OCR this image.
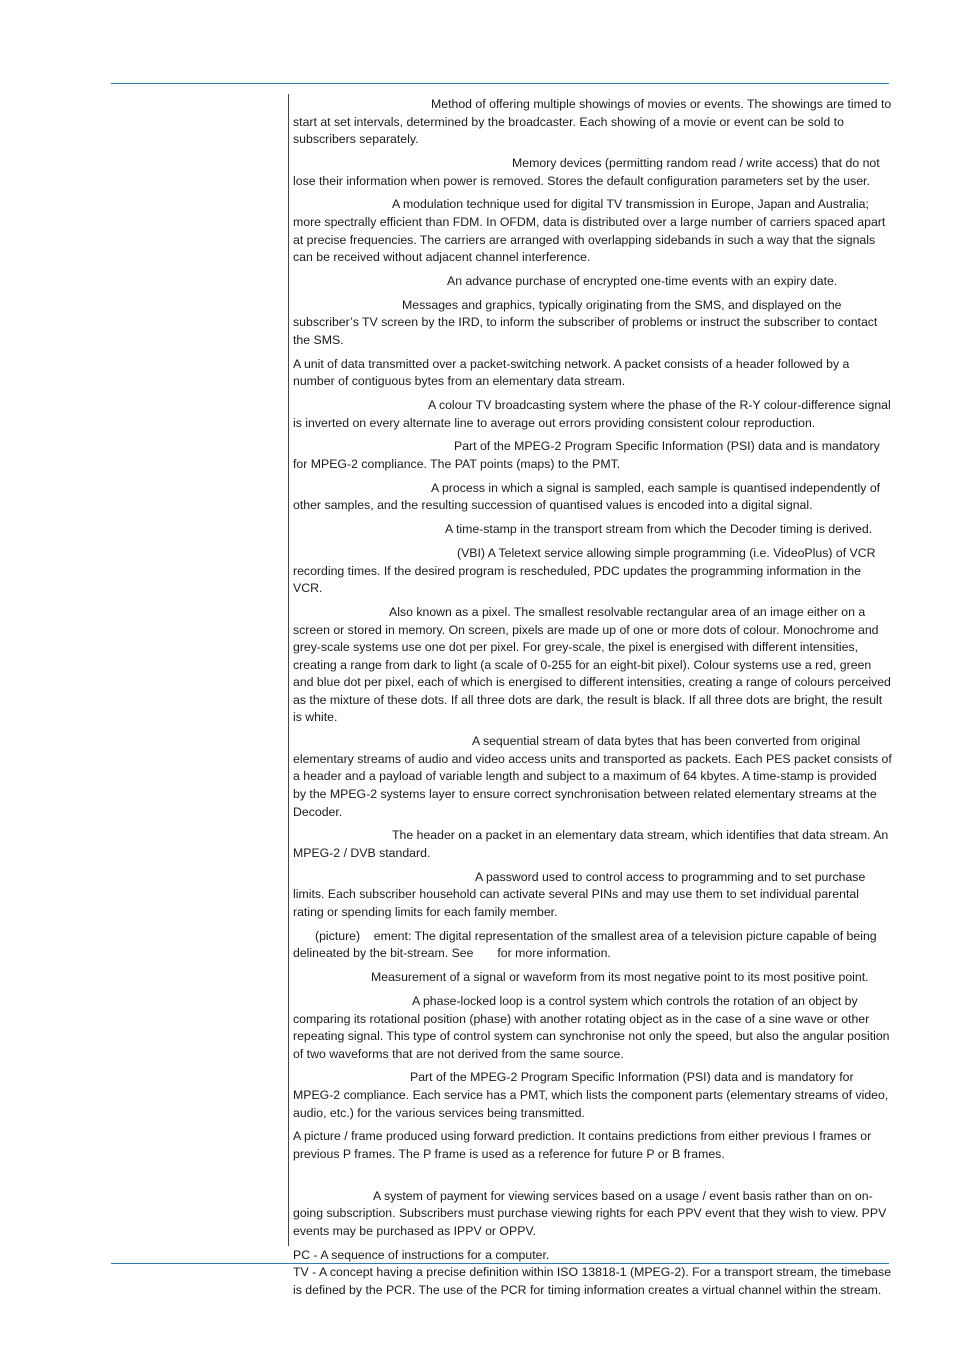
Method of offering multiple showings of movies or events. The showings are timed to start at set intervals, determined by the broadcaster. Each showing of a movie or event can be sold to subscribers separately.

Memory devices (permitting random read / write access) that do not lose their information when power is removed. Stores the default configuration parameters set by the user.

A modulation technique used for digital TV transmission in Europe, Japan and Australia; more spectrally efficient than FDM. In OFDM, data is distributed over a large number of carriers spaced apart at precise frequencies. The carriers are arranged with overlapping sidebands in such a way that the signals can be received without adjacent channel interference.

An advance purchase of encrypted one-time events with an expiry date.

Messages and graphics, typically originating from the SMS, and displayed on the subscriber’s TV screen by the IRD, to inform the subscriber of problems or instruct the subscriber to contact the SMS.

A unit of data transmitted over a packet-switching network. A packet consists of a header followed by a number of contiguous bytes from an elementary data stream.

A colour TV broadcasting system where the phase of the R-Y colour-difference signal is inverted on every alternate line to average out errors providing consistent colour reproduction.

Part of the MPEG-2 Program Specific Information (PSI) data and is mandatory for MPEG-2 compliance. The PAT points (maps) to the PMT.

A process in which a signal is sampled, each sample is quantised independently of other samples, and the resulting succession of quantised values is encoded into a digital signal.

A time-stamp in the transport stream from which the Decoder timing is derived.

(VBI) A Teletext service allowing simple programming (i.e. VideoPlus) of VCR recording times. If the desired program is rescheduled, PDC updates the programming information in the VCR.

Also known as a pixel. The smallest resolvable rectangular area of an image either on a screen or stored in memory. On screen, pixels are made up of one or more dots of colour. Monochrome and grey-scale systems use one dot per pixel. For grey-scale, the pixel is energised with different intensities, creating a range from dark to light (a scale of 0-255 for an eight-bit pixel). Colour systems use a red, green and blue dot per pixel, each of which is energised to different intensities, creating a range of colours perceived as the mixture of these dots. If all three dots are dark, the result is black. If all three dots are bright, the result is white.

A sequential stream of data bytes that has been converted from original elementary streams of audio and video access units and transported as packets. Each PES packet consists of a header and a payload of variable length and subject to a maximum of 64 kbytes. A time-stamp is provided by the MPEG-2 systems layer to ensure correct synchronisation between related elementary streams at the Decoder.

The header on a packet in an elementary data stream, which identifies that data stream. An MPEG-2 / DVB standard.

A password used to control access to programming and to set purchase limits. Each subscriber household can activate several PINs and may use them to set individual parental rating or spending limits for each family member.

(picture)    ement: The digital representation of the smallest area of a television picture capable of being delineated by the bit-stream. See       for more information.

Measurement of a signal or waveform from its most negative point to its most positive point.

A phase-locked loop is a control system which controls the rotation of an object by comparing its rotational position (phase) with another rotating object as in the case of a sine wave or other repeating signal. This type of control system can synchronise not only the speed, but also the angular position of two waveforms that are not derived from the same source.

Part of the MPEG-2 Program Specific Information (PSI) data and is mandatory for MPEG-2 compliance. Each service has a PMT, which lists the component parts (elementary streams of video, audio, etc.) for the various services being transmitted.

A picture / frame produced using forward prediction. It contains predictions from either previous I frames or previous P frames. The P frame is used as a reference for future P or B frames.

A system of payment for viewing services based on a usage / event basis rather than on on-going subscription. Subscribers must purchase viewing rights for each PPV event that they wish to view. PPV events may be purchased as IPPV or OPPV.

PC - A sequence of instructions for a computer.

TV - A concept having a precise definition within ISO 13818-1 (MPEG-2). For a transport stream, the timebase is defined by the PCR. The use of the PCR for timing information creates a virtual channel within the stream.
